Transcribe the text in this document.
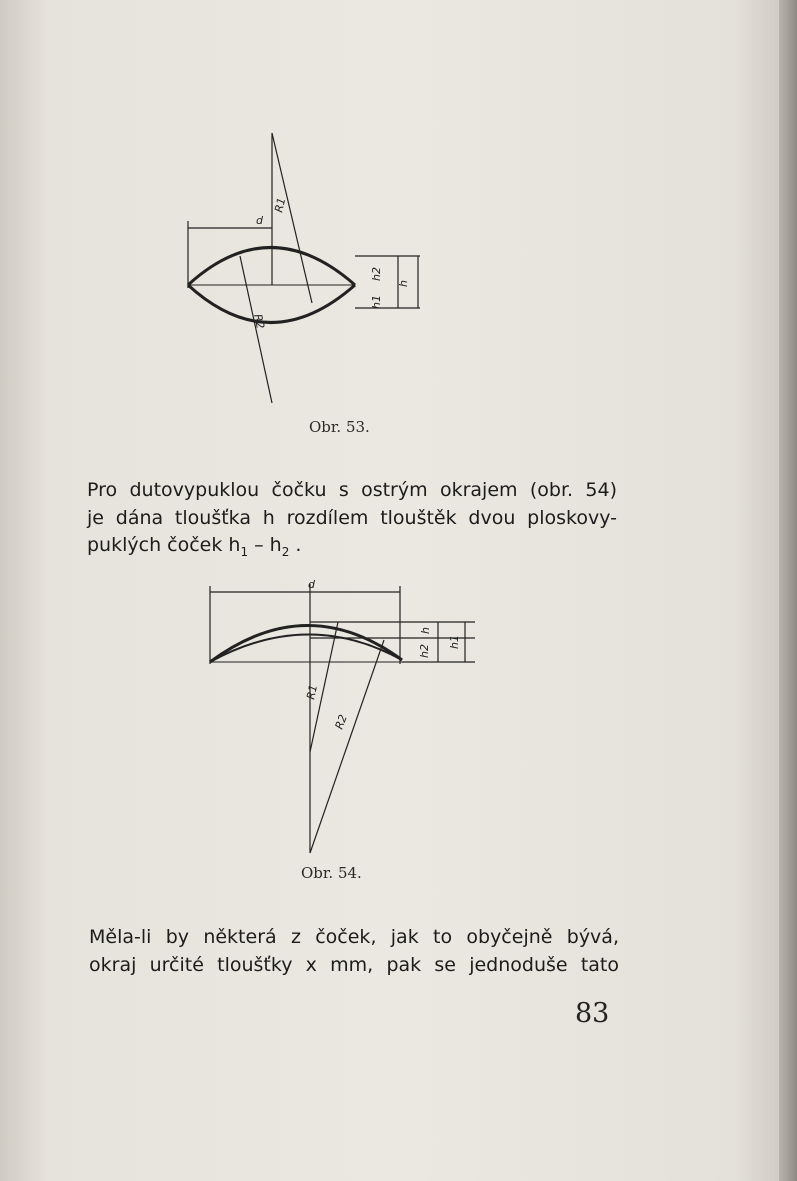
d
R1
R2
h2
h1
h
Obr. 53.

Pro dutovypuklou čočku s ostrým okrajem (obr. 54)
je dána tloušťka h rozdílem tlouštěk dvou ploskovy-
puklých čoček $h_1 - h_2$ .

d
R1
R2
h
h2
h1
Obr. 54.

Měla-li by některá z čoček, jak to obyčejně bývá,
okraj určité tloušťky x mm, pak se jednoduše tato

83
